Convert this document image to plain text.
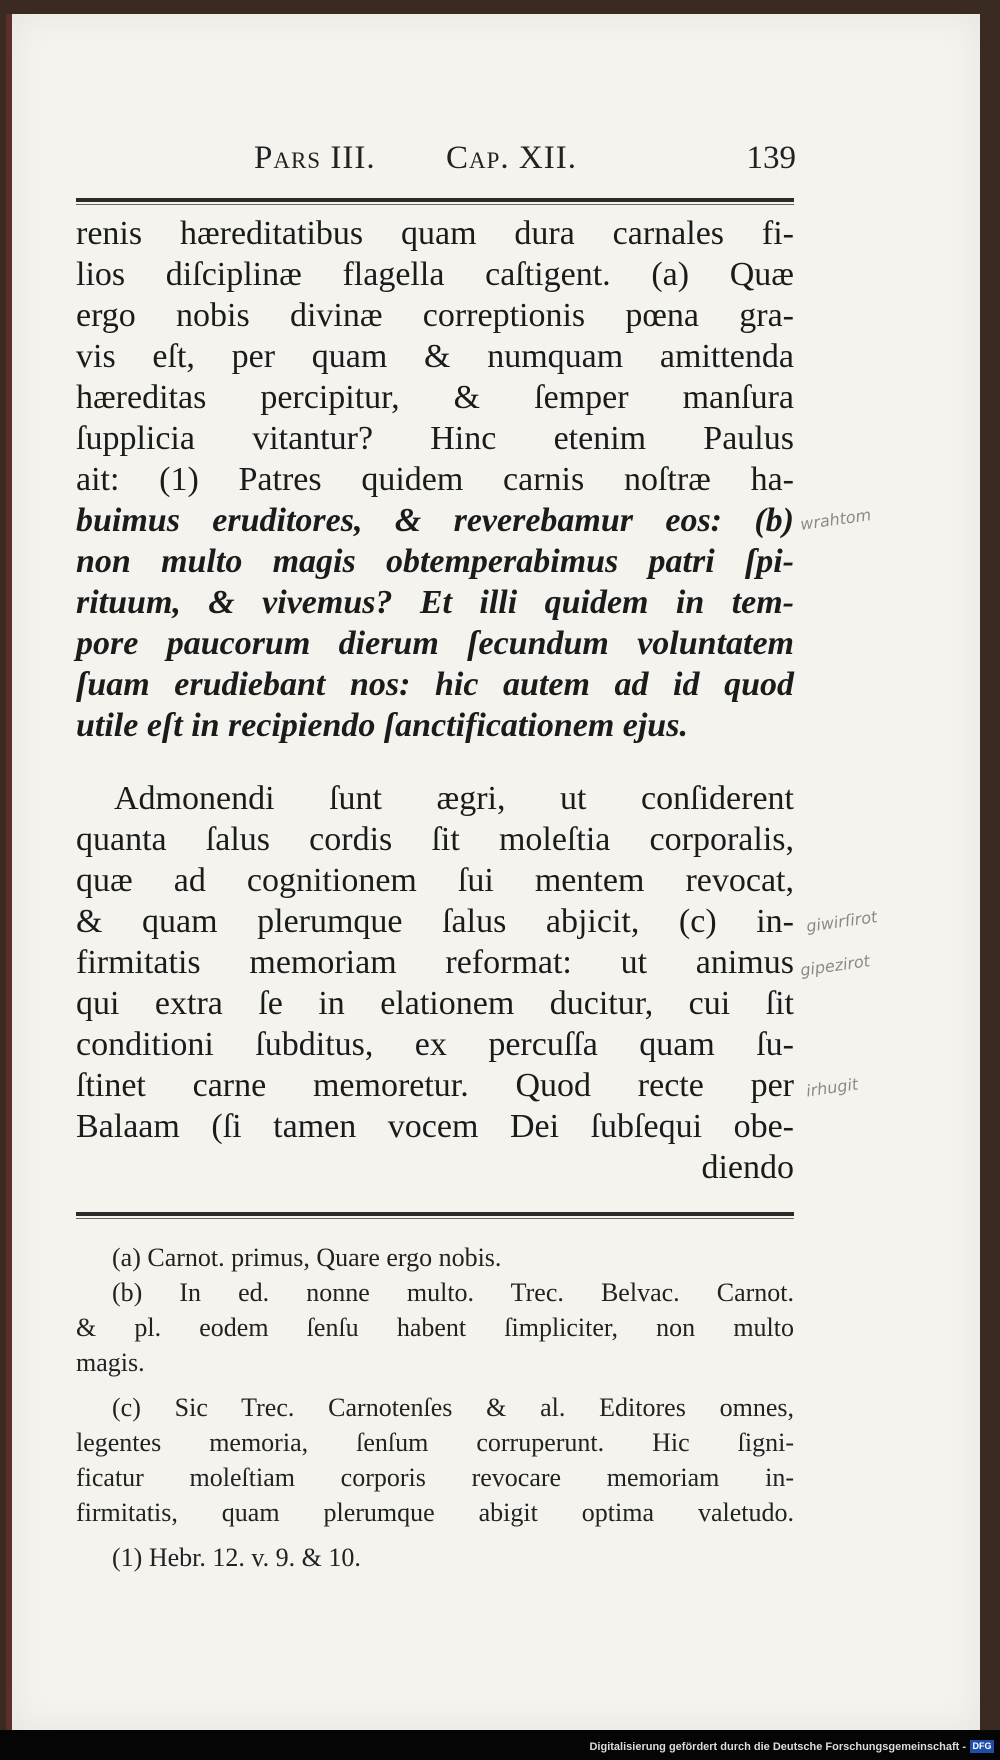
Pars III. Cap. XII.	139
renis hæreditatibus quam dura carnales fi-
lios diſciplinæ flagella caſtigent. (a) Quæ
ergo nobis divinæ correptionis pœna gra-
vis eſt, per quam & numquam amittenda
hæreditas percipitur, & ſemper manſura
ſupplicia vitantur? Hinc etenim Paulus
ait: (1) Patres quidem carnis noſtræ ha-
buimus eruditores, & reverebamur eos: (b)
non multo magis obtemperabimus patri ſpi-
rituum, & vivemus? Et illi quidem in tem-
pore paucorum dierum ſecundum voluntatem
ſuam erudiebant nos: hic autem ad id quod
utile eſt in recipiendo ſanctificationem ejus.
Admonendi ſunt ægri, ut conſiderent
quanta ſalus cordis ſit moleſtia corporalis,
quæ ad cognitionem ſui mentem revocat,
& quam plerumque ſalus abjicit, (c) in-
firmitatis memoriam reformat: ut animus
qui extra ſe in elationem ducitur, cui ſit
conditioni ſubditus, ex percuſſa quam ſu-
ſtinet carne memoretur. Quod recte per
Balaam (ſi tamen vocem Dei ſubſequi obe-
diendo
(a) Carnot. primus, Quare ergo nobis.
(b) In ed. nonne multo. Trec. Belvac. Carnot.
& pl. eodem ſenſu habent ſimpliciter, non multo
magis.
(c) Sic Trec. Carnotenſes & al. Editores omnes,
legentes memoria, ſenſum corruperunt. Hic ſigni-
ficatur moleſtiam corporis revocare memoriam in-
firmitatis, quam plerumque abigit optima valetudo.
(1) Hebr. 12. v. 9. & 10.
wrahtom
giwirſirot
gipezirot
irhugit
Digitalisierung gefördert durch die Deutsche Forschungsgemeinschaft - DFG
